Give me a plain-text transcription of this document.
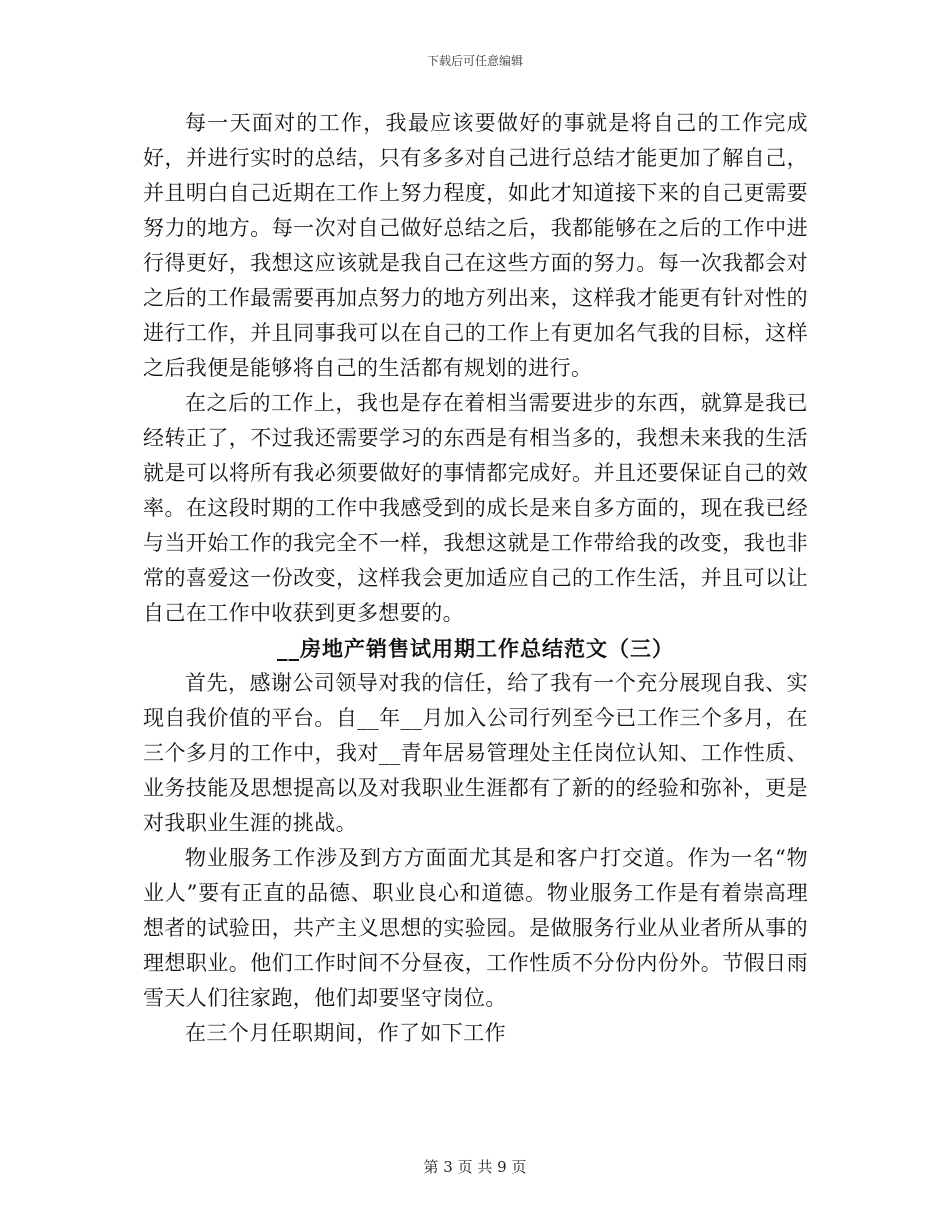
下载后可任意编辑

每一天面对的工作，我最应该要做好的事就是将自己的工作完成好，并进行实时的总结，只有多多对自己进行总结才能更加了解自己，并且明白自己近期在工作上努力程度，如此才知道接下来的自己更需要努力的地方。每一次对自己做好总结之后，我都能够在之后的工作中进行得更好，我想这应该就是我自己在这些方面的努力。每一次我都会对之后的工作最需要再加点努力的地方列出来，这样我才能更有针对性的进行工作，并且同事我可以在自己的工作上有更加名气我的目标，这样之后我便是能够将自己的生活都有规划的进行。

在之后的工作上，我也是存在着相当需要进步的东西，就算是我已经转正了，不过我还需要学习的东西是有相当多的，我想未来我的生活就是可以将所有我必须要做好的事情都完成好。并且还要保证自己的效率。在这段时期的工作中我感受到的成长是来自多方面的，现在我已经与当开始工作的我完全不一样，我想这就是工作带给我的改变，我也非常的喜爱这一份改变，这样我会更加适应自己的工作生活，并且可以让自己在工作中收获到更多想要的。

__房地产销售试用期工作总结范文（三）

首先，感谢公司领导对我的信任，给了我有一个充分展现自我、实现自我价值的平台。自__年__月加入公司行列至今已工作三个多月，在三个多月的工作中，我对__青年居易管理处主任岗位认知、工作性质、业务技能及思想提高以及对我职业生涯都有了新的的经验和弥补，更是对我职业生涯的挑战。

物业服务工作涉及到方方面面尤其是和客户打交道。作为一名“物业人”要有正直的品德、职业良心和道德。物业服务工作是有着崇高理想者的试验田，共产主义思想的实验园。是做服务行业从业者所从事的理想职业。他们工作时间不分昼夜，工作性质不分份内份外。节假日雨雪天人们往家跑，他们却要坚守岗位。

在三个月任职期间，作了如下工作

第 3 页 共 9 页
